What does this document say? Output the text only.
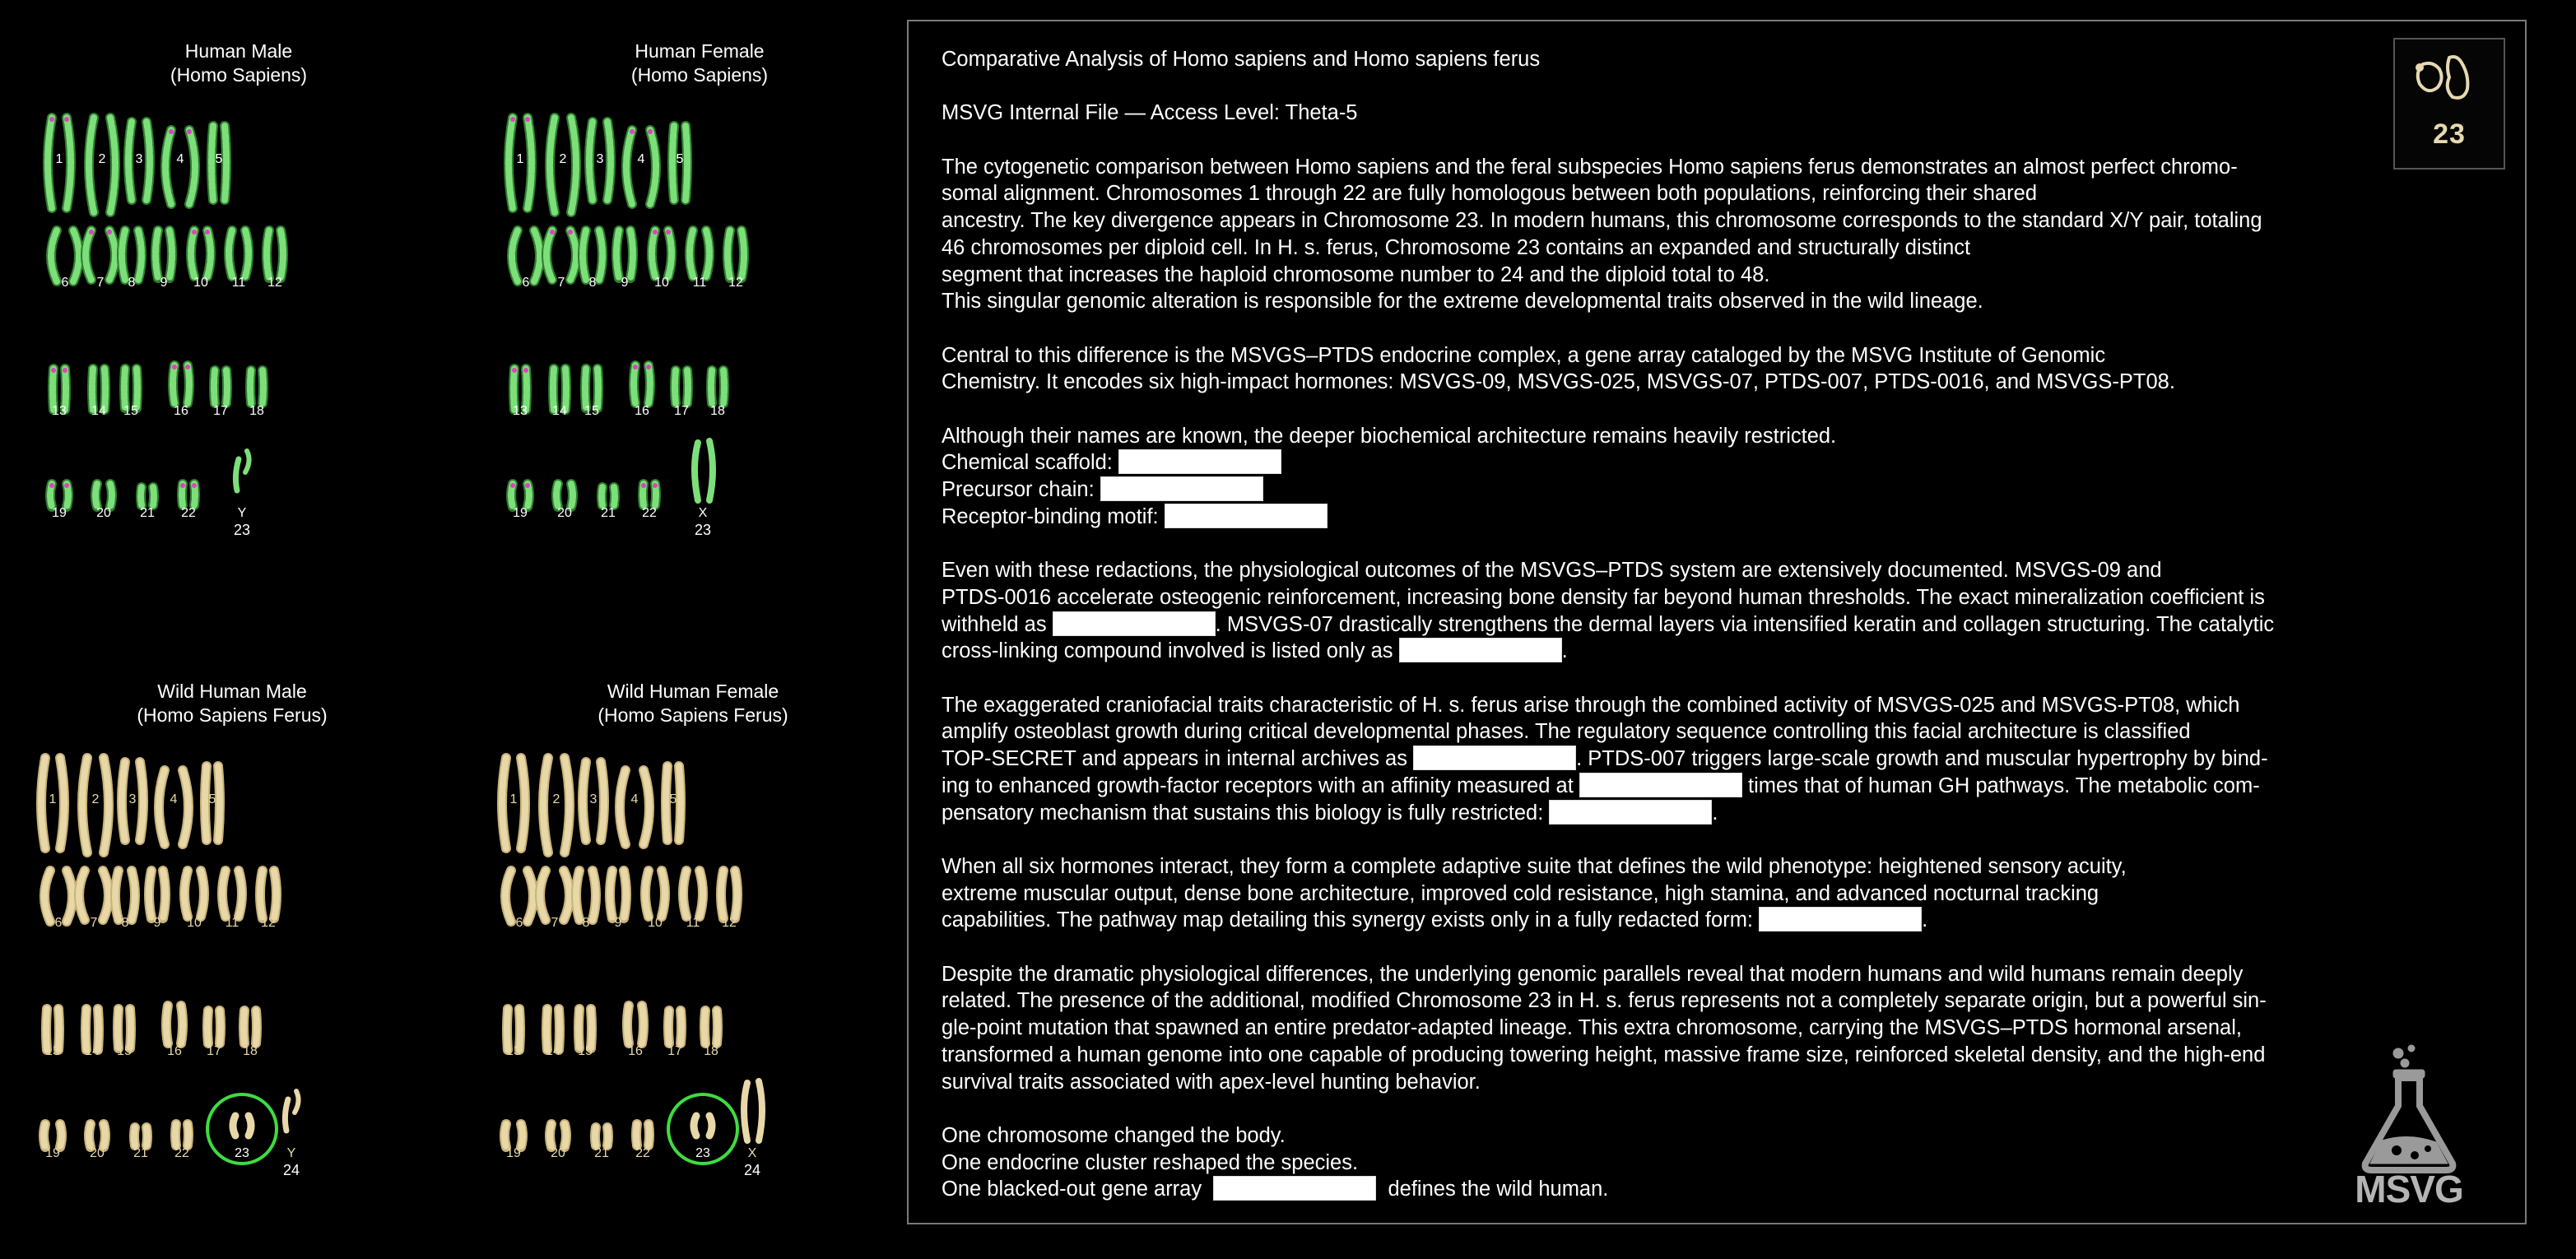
Human Male
(Homo Sapiens)
1	2 3	4 5
6 7 8 9 10 11 12
13 14 15	16 17 18
19 20 21 22	Y
23
Human Female
(Homo Sapiens)
1	2 3	4 5
6 7 8 9 10 11 12
13 14 15	16 17 18
19 20 21 22	X
23
Wild Human Male
(Homo Sapiens Ferus)
1	2 3	4 5
6 7 8 9 10 11 12
13 14 15	16 17 18
19 20 21 22	23	Y
24
Wild Human Female
(Homo Sapiens Ferus)
1	2 3	4 5
6 7 8 9 10 11 12
13 14 15	16 17 18
19 20 21 22	23	X
24

Comparative Analysis of Homo sapiens and Homo sapiens ferus

MSVG Internal File — Access Level: Theta-5

The cytogenetic comparison between Homo sapiens and the feral subspecies Homo sapiens ferus demonstrates an almost perfect chromo-
somal alignment. Chromosomes 1 through 22 are fully homologous between both populations, reinforcing their shared
ancestry. The key divergence appears in Chromosome 23. In modern humans, this chromosome corresponds to the standard X/Y pair, totaling
46 chromosomes per diploid cell. In H. s. ferus, Chromosome 23 contains an expanded and structurally distinct
segment that increases the haploid chromosome number to 24 and the diploid total to 48.
This singular genomic alteration is responsible for the extreme developmental traits observed in the wild lineage.

Central to this difference is the MSVGS–PTDS endocrine complex, a gene array cataloged by the MSVG Institute of Genomic
Chemistry. It encodes six high-impact hormones: MSVGS-09, MSVGS-025, MSVGS-07, PTDS-007, PTDS-0016, and MSVGS-PT08.

Although their names are known, the deeper biochemical architecture remains heavily restricted.
Chemical scaffold:
Precursor chain:
Receptor-binding motif:

Even with these redactions, the physiological outcomes of the MSVGS–PTDS system are extensively documented. MSVGS-09 and
PTDS-0016 accelerate osteogenic reinforcement, increasing bone density far beyond human thresholds. The exact mineralization coefficient is
withheld as	. MSVGS-07 drastically strengthens the dermal layers via intensified keratin and collagen structuring. The catalytic
cross-linking compound involved is listed only as	.

The exaggerated craniofacial traits characteristic of H. s. ferus arise through the combined activity of MSVGS-025 and MSVGS-PT08, which
amplify osteoblast growth during critical developmental phases. The regulatory sequence controlling this facial architecture is classified
TOP-SECRET and appears in internal archives as	. PTDS-007 triggers large-scale growth and muscular hypertrophy by bind-
ing to enhanced growth-factor receptors with an affinity measured at	times that of human GH pathways. The metabolic com-
pensatory mechanism that sustains this biology is fully restricted:	.

When all six hormones interact, they form a complete adaptive suite that defines the wild phenotype: heightened sensory acuity,
extreme muscular output, dense bone architecture, improved cold resistance, high stamina, and advanced nocturnal tracking
capabilities. The pathway map detailing this synergy exists only in a fully redacted form:	.

Despite the dramatic physiological differences, the underlying genomic parallels reveal that modern humans and wild humans remain deeply
related. The presence of the additional, modified Chromosome 23 in H. s. ferus represents not a completely separate origin, but a powerful sin-
gle-point mutation that spawned an entire predator-adapted lineage. This extra chromosome, carrying the MSVGS–PTDS hormonal arsenal,
transformed a human genome into one capable of producing towering height, massive frame size, reinforced skeletal density, and the high-end
survival traits associated with apex-level hunting behavior.

One chromosome changed the body.
One endocrine cluster reshaped the species.
One blacked-out gene array	defines the wild human.

23
MSVG
